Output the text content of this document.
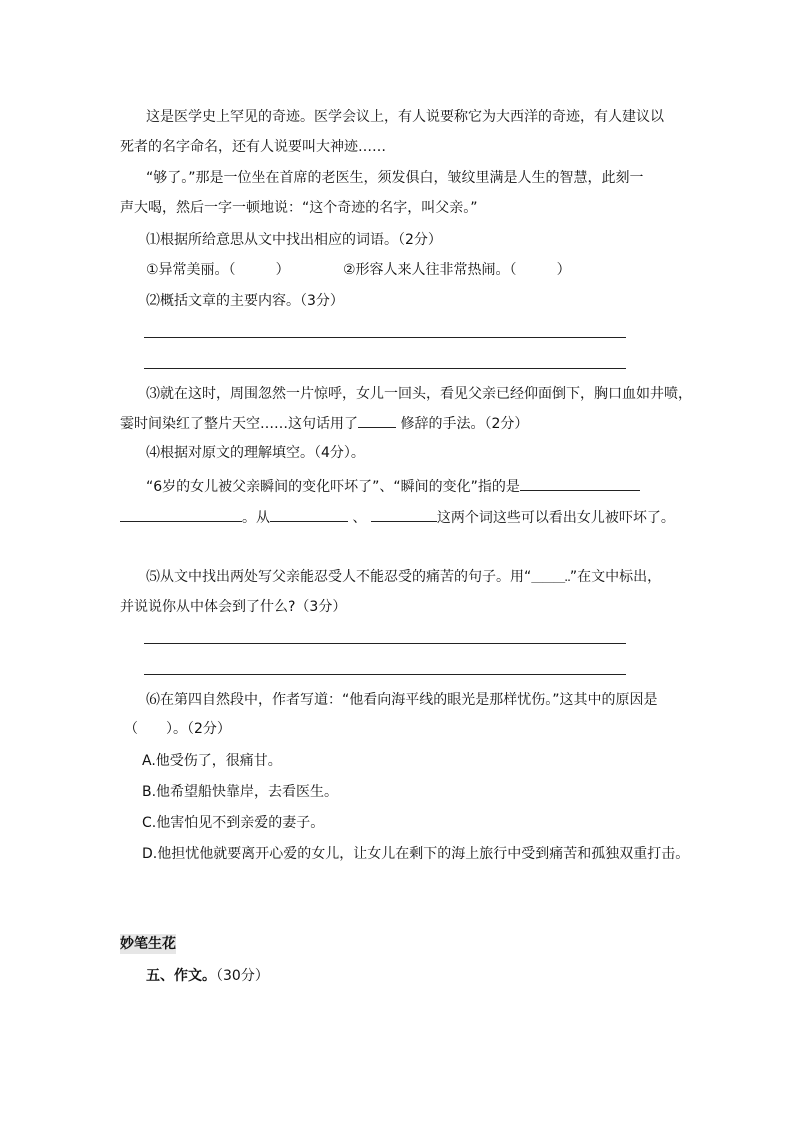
这是医学史上罕见的奇迹。医学会议上，有人说要称它为大西洋的奇迹，有人建议以
死者的名字命名，还有人说要叫大神迹……
“够了。”那是一位坐在首席的老医生，须发俱白，皱纹里满是人生的智慧，此刻一
声大喝，然后一字一顿地说：“这个奇迹的名字，叫父亲。”
⑴根据所给意思从文中找出相应的词语。（2分）
①异常美丽。（	）	②形容人来人往非常热闹。（	）
⑵概括文章的主要内容。（3分）
⑶就在这时，周围忽然一片惊呼，女儿一回头，看见父亲已经仰面倒下，胸口血如井喷，
霎时间染红了整片天空……这句话用了	修辞的手法。（2分）
⑷根据对原文的理解填空。（4分）。
“6岁的女儿被父亲瞬间的变化吓坏了”、“瞬间的变化”指的是
。从	、	这两个词这些可以看出女儿被吓坏了。
⑸从文中找出两处写父亲能忍受人不能忍受的痛苦的句子。用“＿＿＿..”在文中标出，
并说说你从中体会到了什么?（3分）
⑹在第四自然段中，作者写道：“他看向海平线的眼光是那样忧伤。”这其中的原因是
（　　）。（2分）
A.他受伤了，很痛甘。
B.他希望船快靠岸，去看医生。
C.他害怕见不到亲爱的妻子。
D.他担忧他就要离开心爱的女儿，让女儿在剩下的海上旅行中受到痛苦和孤独双重打击。
妙笔生花
五、作文。（30分）
